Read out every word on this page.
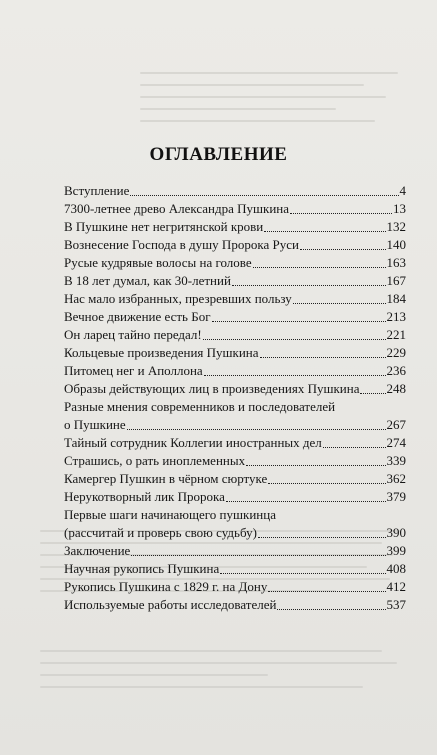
ОГЛАВЛЕНИЕ
Вступление	4
7300-летнее древо Александра Пушкина	13
В Пушкине нет негритянской крови	132
Вознесение Господа в душу Пророка Руси	140
Русые кудрявые волосы на голове	163
В 18 лет думал, как 30-летний	167
Нас мало избранных, презревших пользу	184
Вечное движение есть Бог	213
Он ларец тайно передал!	221
Кольцевые произведения Пушкина	229
Питомец нег и Аполлона	236
Образы действующих лиц в произведениях Пушкина 248
Разные мнения современников и последователей
о Пушкине	267
Тайный сотрудник Коллегии иностранных дел	274
Страшись, о рать иноплеменных	339
Камергер Пушкин в чёрном сюртуке	362
Нерукотворный лик Пророка	379
Первые шаги начинающего пушкинца
(рассчитай и проверь свою судьбу)	390
Заключение	399
Научная рукопись Пушкина	408
Рукопись Пушкина с 1829 г. на Дону	412
Используемые работы исследователей	537
